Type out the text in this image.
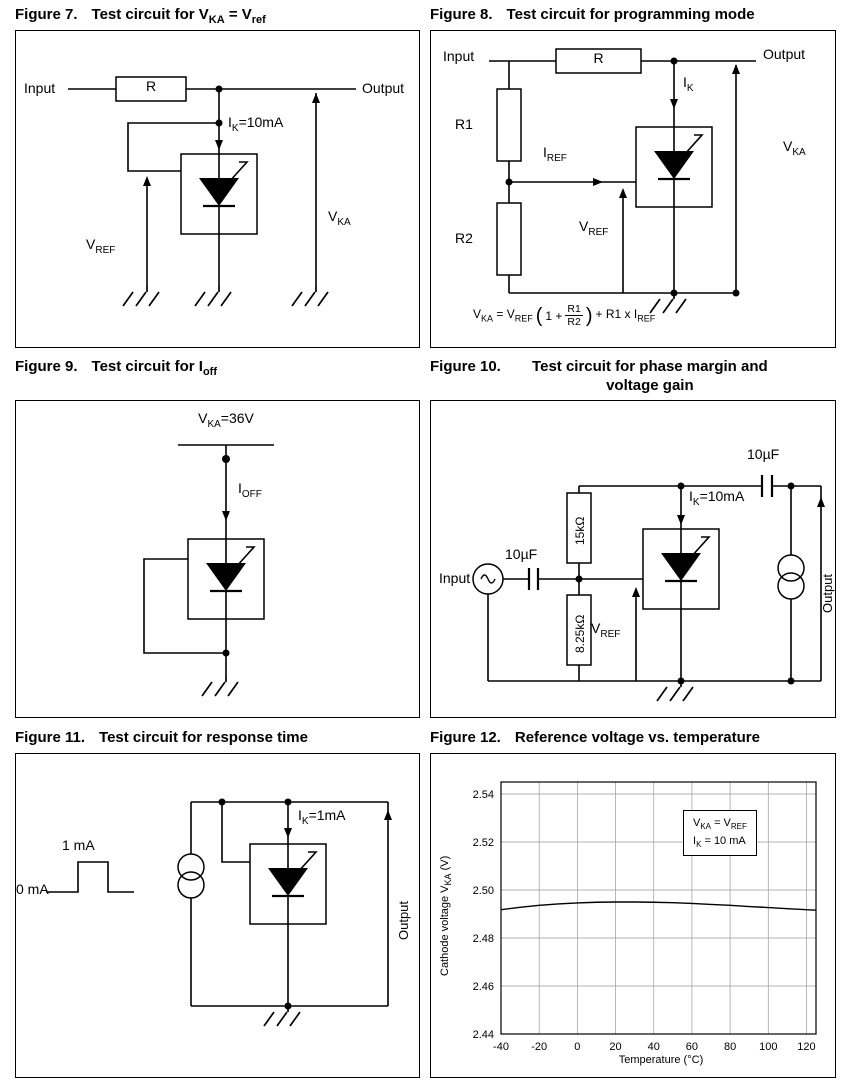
Figure 7. Test circuit for $V_{KA} = V_{ref}$
Input	R	Output
$I_K=10mA$
$V_{KA}$
$V_{REF}$
Figure 8. Test circuit for programming mode
Input	R	Output
R1
R2
$I_{REF}$
$I_K$
$V_{KA}$
$V_{REF}$
$V_{KA} = V_{REF}$ ( $1 + \frac{R1}{R2}$ ) + R1 x $I_{REF}$
Figure 9. Test circuit for $I_{off}$
$V_{KA}=36V$
$I_{OFF}$
Figure 10.	Test circuit for phase margin and voltage gain
10µF
10µF
15kΩ
8.25kΩ
Input
$I_K=10mA$
$V_{REF}$
Output
Figure 11. Test circuit for response time
1 mA
0 mA
$I_K=1mA$
Output
Figure 12. Reference voltage vs. temperature
-40 -20 0	20 40 60 80 100 120
2.44
2.46
2.48
2.50
2.52
2.54
Cathode voltage $V_{KA}$ (V)
Temperature (°C)
$V_{KA} = V_{REF}$
$I_K = 10$ mA
